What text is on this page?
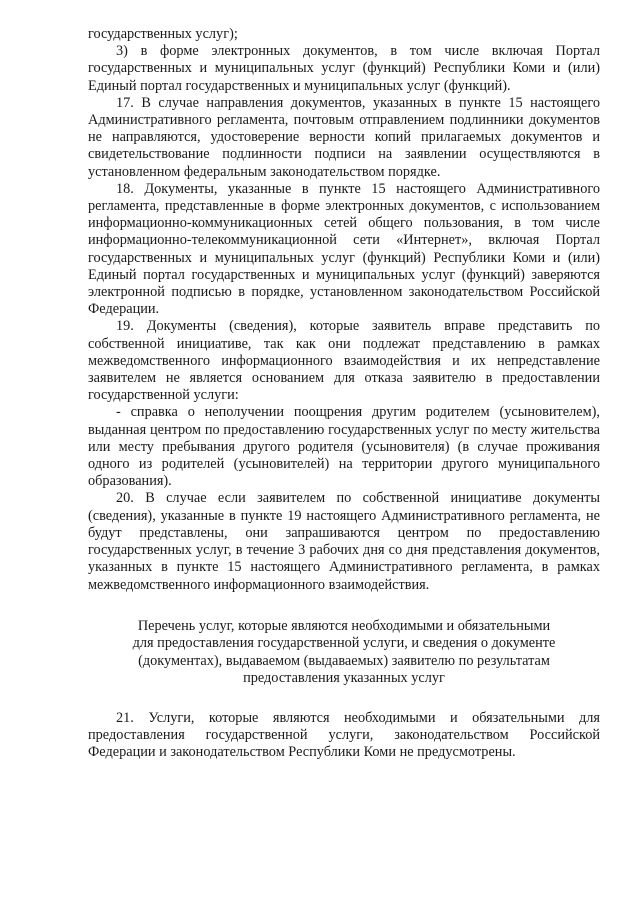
государственных услуг);

3) в форме электронных документов, в том числе включая Портал государственных и муниципальных услуг (функций) Республики Коми и (или) Единый портал государственных и муниципальных услуг (функций).

17. В случае направления документов, указанных в пункте 15 настоящего Административного регламента, почтовым отправлением подлинники документов не направляются, удостоверение верности копий прилагаемых документов и свидетельствование подлинности подписи на заявлении осуществляются в установленном федеральным законодательством порядке.

18. Документы, указанные в пункте 15 настоящего Административного регламента, представленные в форме электронных документов, с использованием информационно-коммуникационных сетей общего пользования, в том числе информационно-телекоммуникационной сети «Интернет», включая Портал государственных и муниципальных услуг (функций) Республики Коми и (или) Единый портал государственных и муниципальных услуг (функций) заверяются электронной подписью в порядке, установленном законодательством Российской Федерации.

19. Документы (сведения), которые заявитель вправе представить по собственной инициативе, так как они подлежат представлению в рамках межведомственного информационного взаимодействия и их непредставление заявителем не является основанием для отказа заявителю в предоставлении государственной услуги:

- справка о неполучении поощрения другим родителем (усыновителем), выданная центром по предоставлению государственных услуг по месту жительства или месту пребывания другого родителя (усыновителя) (в случае проживания одного из родителей (усыновителей) на территории другого муниципального образования).

20. В случае если заявителем по собственной инициативе документы (сведения), указанные в пункте 19 настоящего Административного регламента, не будут представлены, они запрашиваются центром по предоставлению государственных услуг, в течение 3 рабочих дня со дня представления документов, указанных в пункте 15 настоящего Административного регламента, в рамках межведомственного информационного взаимодействия.

Перечень услуг, которые являются необходимыми и обязательными
для предоставления государственной услуги, и сведения о документе
(документах), выдаваемом (выдаваемых) заявителю по результатам
предоставления указанных услуг

21. Услуги, которые являются необходимыми и обязательными для предоставления государственной услуги, законодательством Российской Федерации и законодательством Республики Коми не предусмотрены.
